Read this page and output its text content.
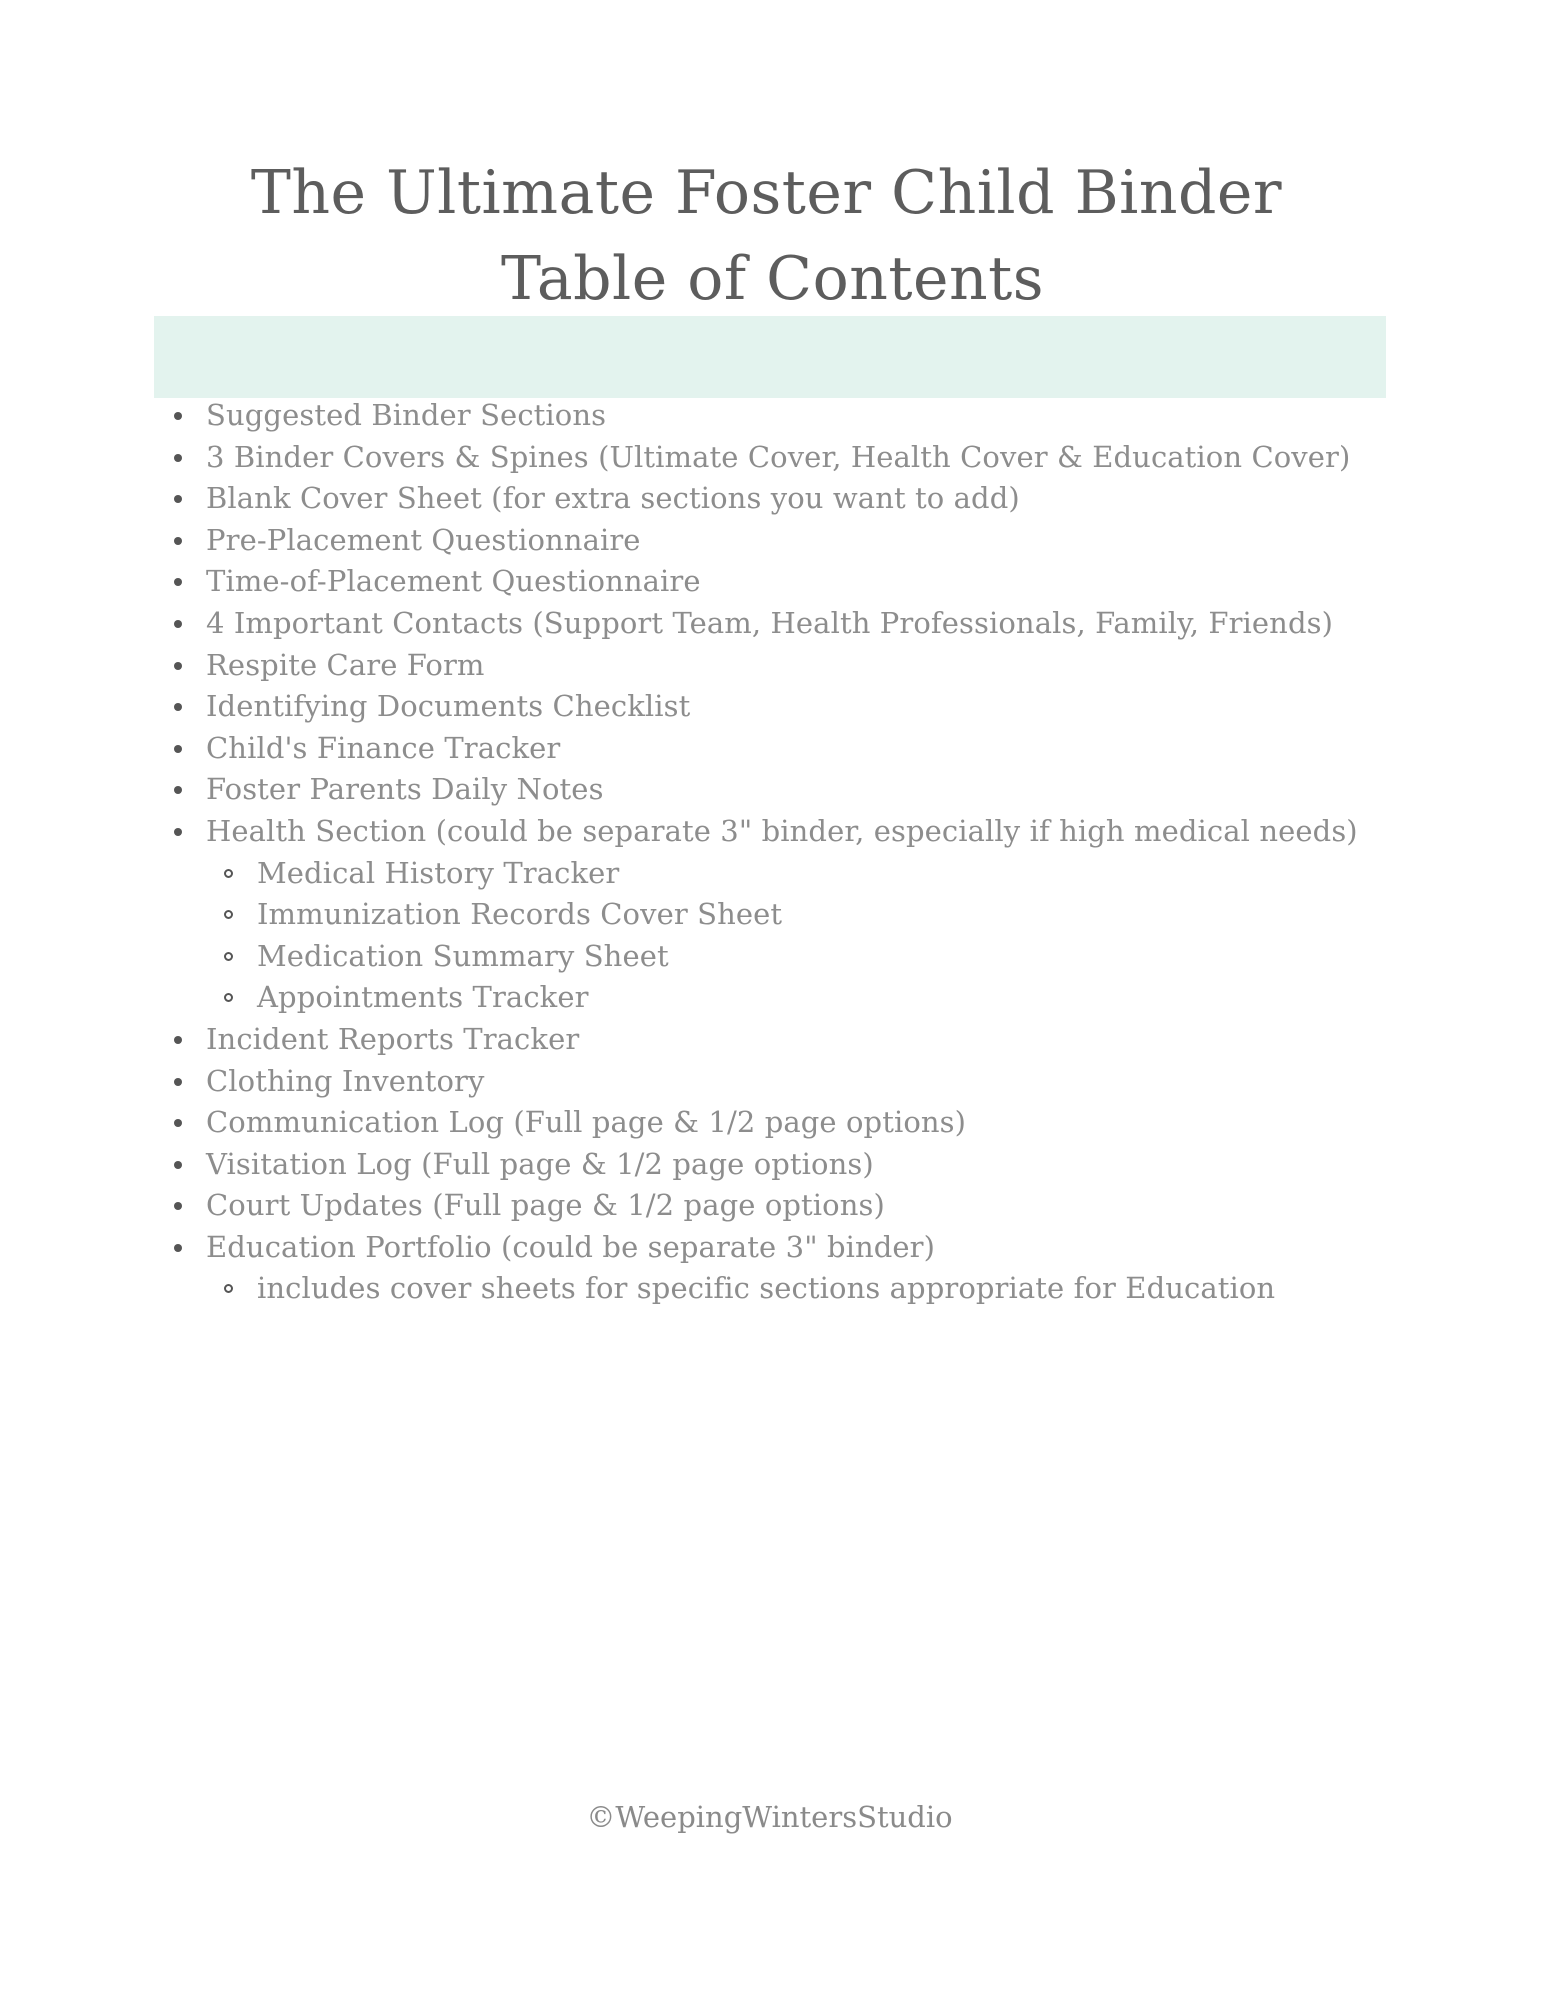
The Ultimate Foster Child Binder
Table of Contents
Suggested Binder Sections
3 Binder Covers & Spines (Ultimate Cover, Health Cover & Education Cover)
Blank Cover Sheet (for extra sections you want to add)
Pre-Placement Questionnaire
Time-of-Placement Questionnaire
4 Important Contacts (Support Team, Health Professionals, Family, Friends)
Respite Care Form
Identifying Documents Checklist
Child's Finance Tracker
Foster Parents Daily Notes
Health Section (could be separate 3" binder, especially if high medical needs)
Medical History Tracker
Immunization Records Cover Sheet
Medication Summary Sheet
Appointments Tracker
Incident Reports Tracker
Clothing Inventory
Communication Log (Full page & 1/2 page options)
Visitation Log (Full page & 1/2 page options)
Court Updates (Full page & 1/2 page options)
Education Portfolio (could be separate 3" binder)
includes cover sheets for specific sections appropriate for Education
©WeepingWintersStudio
